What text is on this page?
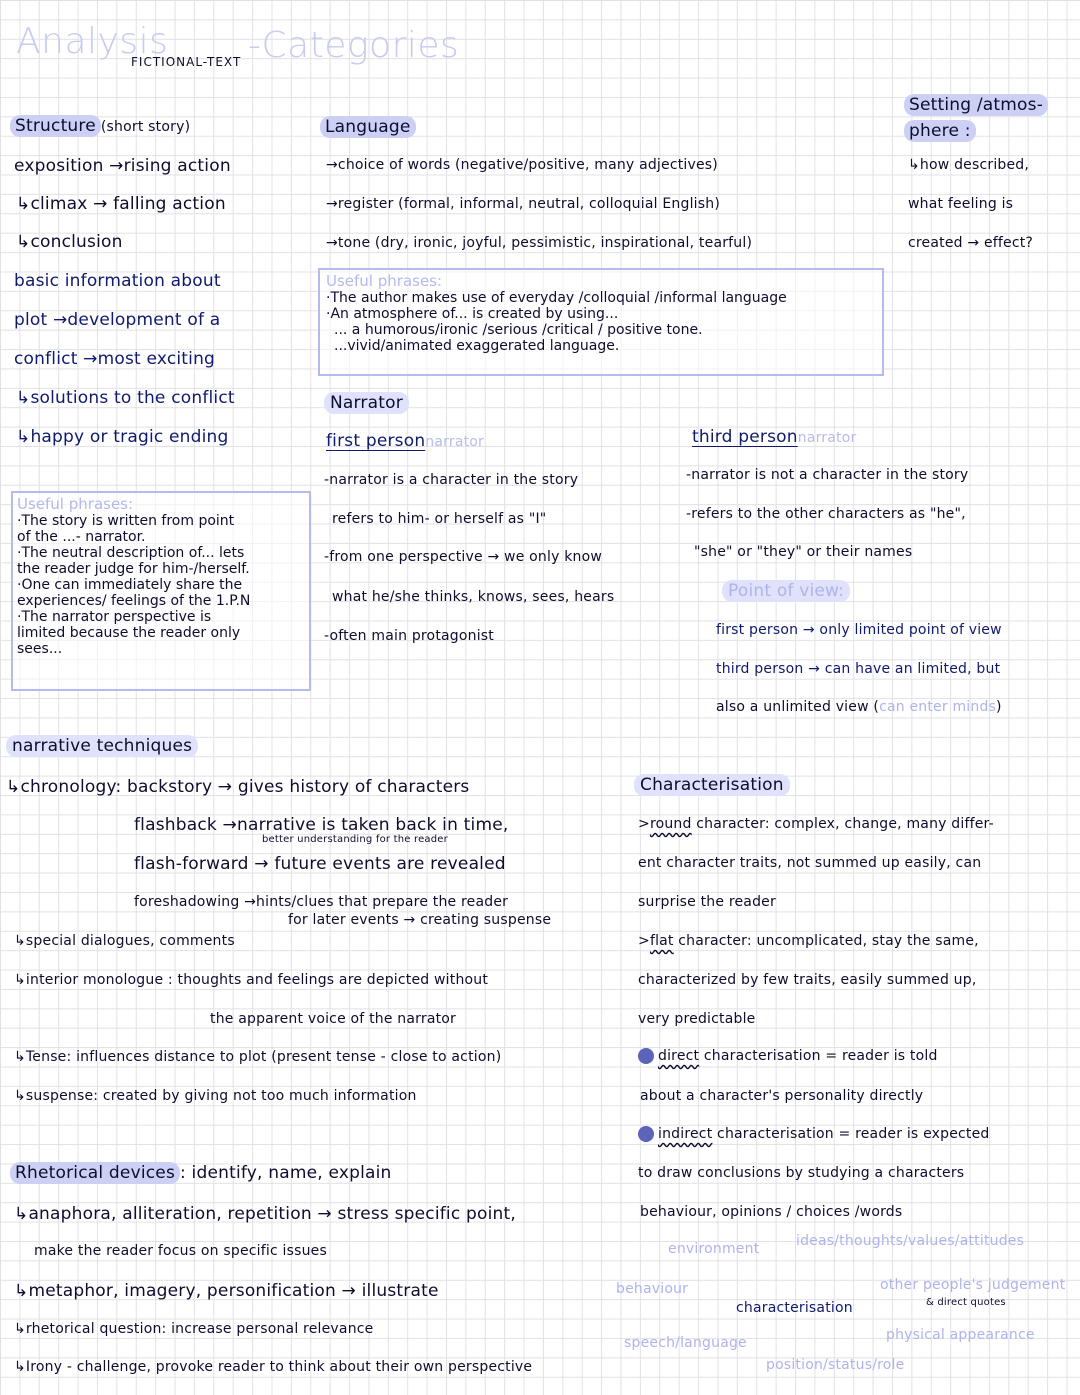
Analysis
FICTIONAL-TEXT -Categories
Structure (short story)
exposition →rising action
↳climax → falling action
↳conclusion
basic information about
plot →development of a
conflict →most exciting
↳solutions to the conflict
↳happy or tragic ending
Useful phrases:
·The story is written from point
of the ...- narrator.
·The neutral description of... lets
the reader judge for him-/herself.
·One can immediately share the
experiences/ feelings of the 1.P.N
·The narrator perspective is
limited because the reader only
sees...
Language
→choice of words (negative/positive, many adjectives)
→register (formal, informal, neutral, colloquial English)
→tone (dry, ironic, joyful, pessimistic, inspirational, tearful)
Useful phrases:
·The author makes use of everyday /colloquial /informal language
·An atmosphere of... is created by using...
... a humorous/ironic /serious /critical / positive tone.
...vivid/animated exaggerated language.
Setting /atmos-
phere :
↳how described,
what feeling is
created → effect?
Narrator
first personnarrator
-narrator is a character in the story
refers to him- or herself as "I"
-from one perspective → we only know
what he/she thinks, knows, sees, hears
-often main protagonist
third personnarrator
-narrator is not a character in the story
-refers to the other characters as "he",
"she" or "they" or their names
Point of view:
first person → only limited point of view
third person → can have an limited, but
also a unlimited view (can enter minds)
narrative techniques
↳chronology: backstory → gives history of characters
flashback →narrative is taken back in time,
better understanding for the reader
flash-forward → future events are revealed
foreshadowing →hints/clues that prepare the reader
for later events → creating suspense
↳special dialogues, comments
↳interior monologue : thoughts and feelings are depicted without
the apparent voice of the narrator
↳Tense: influences distance to plot (present tense - close to action)
↳suspense: created by giving not too much information
Rhetorical devices : identify, name, explain
↳anaphora, alliteration, repetition → stress specific point,
make the reader focus on specific issues
↳metaphor, imagery, personification → illustrate
↳rhetorical question: increase personal relevance
↳Irony - challenge, provoke reader to think about their own perspective
Characterisation
>round character: complex, change, many differ-
ent character traits, not summed up easily, can
surprise the reader
>flat character: uncomplicated, stay the same,
characterized by few traits, easily summed up,
very predictable
direct characterisation = reader is told
about a character's personality directly
indirect characterisation = reader is expected
to draw conclusions by studying a characters
behaviour, opinions / choices /words
environment	ideas/thoughts/values/attitudes
behaviour	other people's judgement
& direct quotes
characterisation
speech/language	physical appearance
position/status/role
